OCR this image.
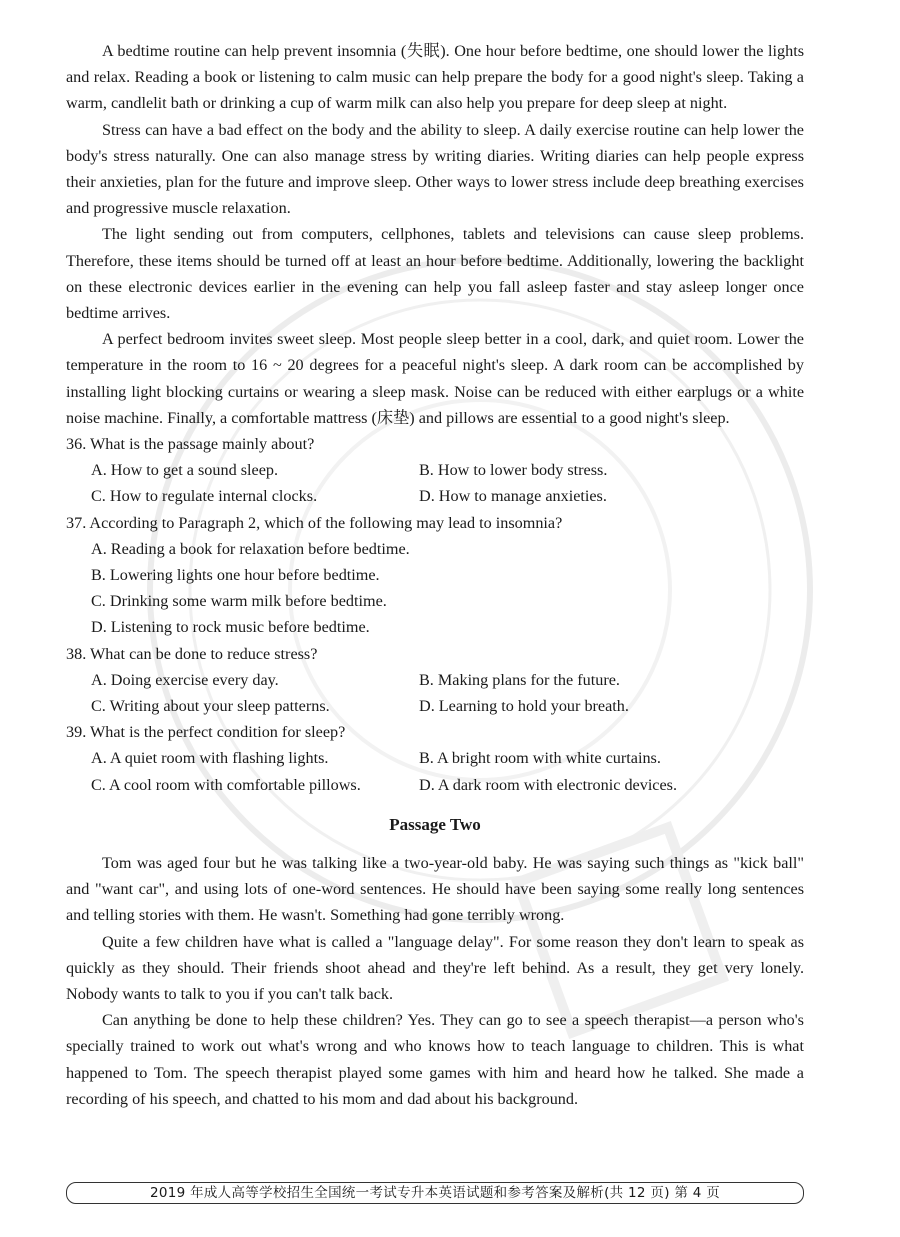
A bedtime routine can help prevent insomnia (失眠). One hour before bedtime, one should lower the lights and relax. Reading a book or listening to calm music can help prepare the body for a good night's sleep. Taking a warm, candlelit bath or drinking a cup of warm milk can also help you prepare for deep sleep at night.

Stress can have a bad effect on the body and the ability to sleep. A daily exercise routine can help lower the body's stress naturally. One can also manage stress by writing diaries. Writing diaries can help people express their anxieties, plan for the future and improve sleep. Other ways to lower stress include deep breathing exercises and progressive muscle relaxation.

The light sending out from computers, cellphones, tablets and televisions can cause sleep problems. Therefore, these items should be turned off at least an hour before bedtime. Additionally, lowering the backlight on these electronic devices earlier in the evening can help you fall asleep faster and stay asleep longer once bedtime arrives.

A perfect bedroom invites sweet sleep. Most people sleep better in a cool, dark, and quiet room. Lower the temperature in the room to 16 ~ 20 degrees for a peaceful night's sleep. A dark room can be accomplished by installing light blocking curtains or wearing a sleep mask. Noise can be reduced with either earplugs or a white noise machine. Finally, a comfortable mattress (床垫) and pillows are essential to a good night's sleep.

36. What is the passage mainly about?

A. How to get a sound sleep.	B. How to lower body stress.
C. How to regulate internal clocks.	D. How to manage anxieties.

37. According to Paragraph 2, which of the following may lead to insomnia?

A. Reading a book for relaxation before bedtime.
B. Lowering lights one hour before bedtime.
C. Drinking some warm milk before bedtime.
D. Listening to rock music before bedtime.

38. What can be done to reduce stress?

A. Doing exercise every day.	B. Making plans for the future.
C. Writing about your sleep patterns.	D. Learning to hold your breath.

39. What is the perfect condition for sleep?

A. A quiet room with flashing lights.	B. A bright room with white curtains.
C. A cool room with comfortable pillows.	D. A dark room with electronic devices.
Passage Two

Tom was aged four but he was talking like a two-year-old baby. He was saying such things as "kick ball" and "want car", and using lots of one-word sentences. He should have been saying some really long sentences and telling stories with them. He wasn't. Something had gone terribly wrong.

Quite a few children have what is called a "language delay". For some reason they don't learn to speak as quickly as they should. Their friends shoot ahead and they're left behind. As a result, they get very lonely. Nobody wants to talk to you if you can't talk back.

Can anything be done to help these children? Yes. They can go to see a speech therapist—a person who's specially trained to work out what's wrong and who knows how to teach language to children. This is what happened to Tom. The speech therapist played some games with him and heard how he talked. She made a recording of his speech, and chatted to his mom and dad about his background.

2019 年成人高等学校招生全国统一考试专升本英语试题和参考答案及解析(共 12 页) 第 4 页
